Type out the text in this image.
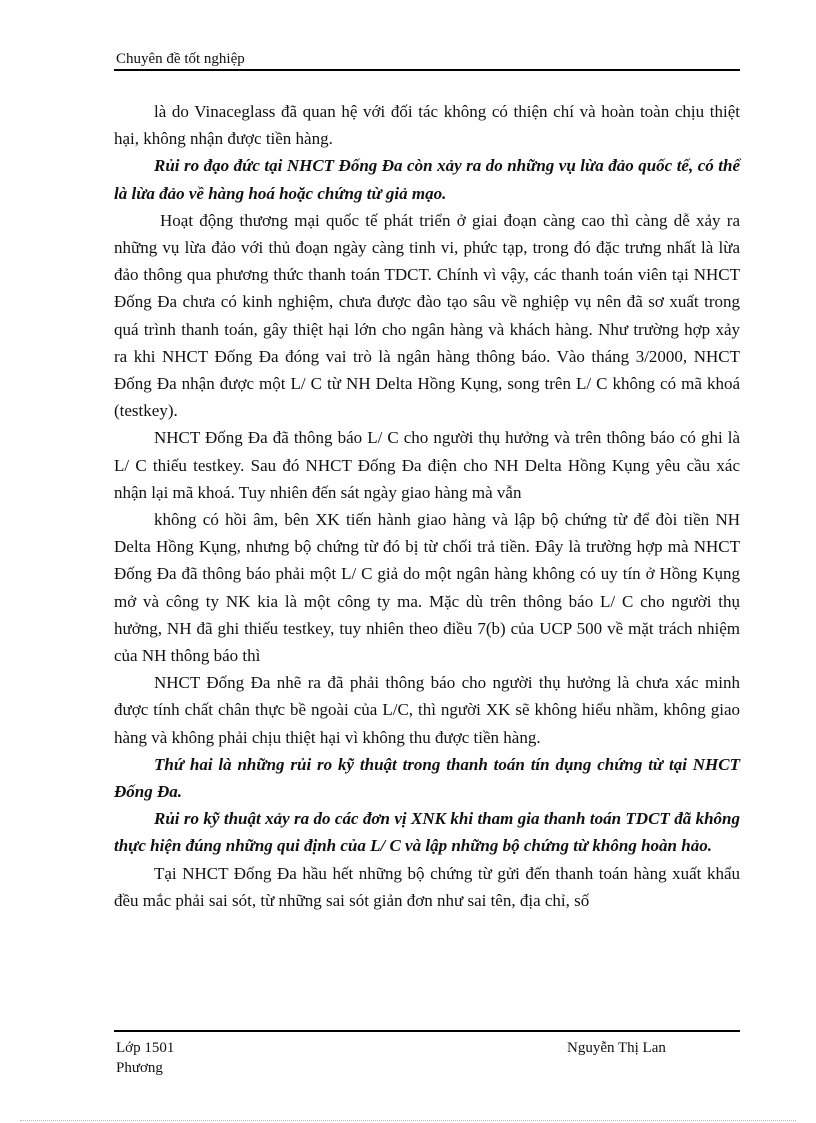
Chuyên đề tốt nghiệp

là do Vinaceglass đã quan hệ với đối tác không có thiện chí và hoàn toàn chịu thiệt hại, không nhận được tiền hàng.

Rủi ro đạo đức tại NHCT Đống Đa còn xảy ra do những vụ lừa đảo quốc tế, có thể là lừa đảo về hàng hoá hoặc chứng từ giả mạo.

Hoạt động thương mại quốc tế phát triển ở giai đoạn càng cao thì càng dễ xảy ra những vụ lừa đảo với thủ đoạn ngày càng tinh vi, phức tạp, trong đó đặc trưng nhất là lừa đảo thông qua phương thức thanh toán TDCT. Chính vì vậy, các thanh toán viên tại NHCT Đống Đa chưa có kinh nghiệm, chưa được đào tạo sâu về nghiệp vụ nên đã sơ xuất trong quá trình thanh toán, gây thiệt hại lớn cho ngân hàng và khách hàng. Như trường hợp xảy ra khi NHCT Đống Đa đóng vai trò là ngân hàng thông báo. Vào tháng 3/2000, NHCT Đống Đa nhận được một L/ C từ NH Delta Hồng Kụng, song trên L/ C không có mã khoá (testkey).

NHCT Đống Đa đã thông báo L/ C cho người thụ hưởng và trên thông báo có ghi là L/ C thiếu testkey. Sau đó NHCT Đống Đa điện cho NH Delta Hồng Kụng yêu cầu xác nhận lại mã khoá. Tuy nhiên đến sát ngày giao hàng mà vẫn

không có hồi âm, bên XK tiến hành giao hàng và lập bộ chứng từ để đòi tiền NH Delta Hồng Kụng, nhưng bộ chứng từ đó bị từ chối trả tiền. Đây là trường hợp mà NHCT Đống Đa đã thông báo phải một L/ C giả do một ngân hàng không có uy tín ở Hồng Kụng mở và công ty NK kia là một công ty ma. Mặc dù trên thông báo L/ C cho người thụ hưởng, NH đã ghi thiếu testkey, tuy nhiên theo điều 7(b) của UCP 500 về mặt trách nhiệm của NH thông báo thì

NHCT Đống Đa nhẽ ra đã phải thông báo cho người thụ hưởng là chưa xác minh được tính chất chân thực bề ngoài của L/C, thì người XK sẽ không hiểu nhầm, không giao hàng và không phải chịu thiệt hại vì không thu được tiền hàng.

Thứ hai là những rủi ro kỹ thuật trong thanh toán tín dụng chứng từ tại NHCT Đống Đa.

Rủi ro kỹ thuật xảy ra do các đơn vị XNK khi tham gia thanh toán TDCT đã không thực hiện đúng những qui định của L/ C và lập những bộ chứng từ không hoàn hảo.

Tại NHCT Đống Đa hầu hết những bộ chứng từ gửi đến thanh toán hàng xuất khẩu đều mắc phải sai sót, từ những sai sót giản đơn như sai tên, địa chỉ, số

Lớp 1501
Phương
Nguyễn Thị Lan
